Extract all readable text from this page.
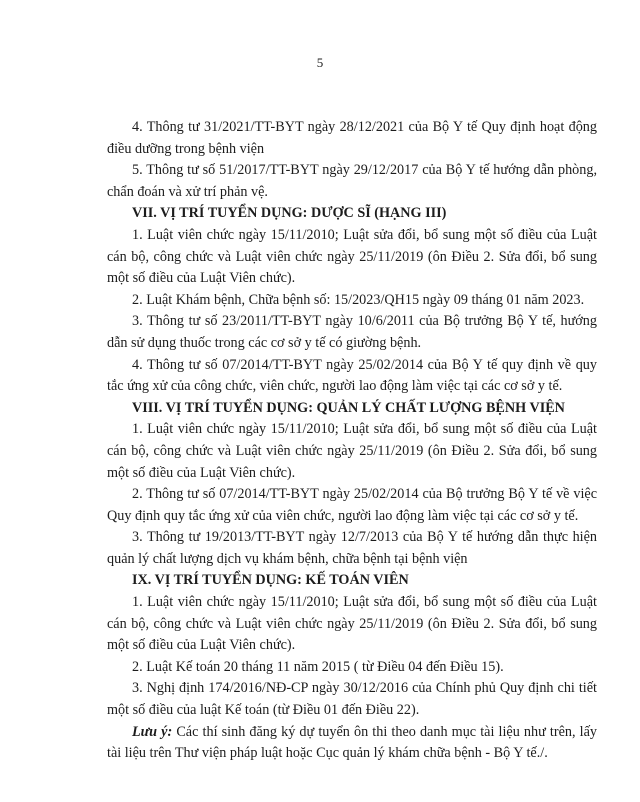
5

4. Thông tư 31/2021/TT-BYT ngày 28/12/2021 của Bộ Y tế Quy định hoạt động điều dưỡng trong bệnh viện

5. Thông tư số 51/2017/TT-BYT ngày 29/12/2017 của Bộ Y tế hướng dẫn phòng, chẩn đoán và xử trí phản vệ.

VII. VỊ TRÍ TUYỂN DỤNG: DƯỢC SĨ (HẠNG III)

1. Luật viên chức ngày 15/11/2010; Luật sửa đổi, bổ sung một số điều của Luật cán bộ, công chức và Luật viên chức ngày 25/11/2019 (ôn Điều 2. Sửa đổi, bổ sung một số điều của Luật Viên chức).

2. Luật Khám bệnh, Chữa bệnh số: 15/2023/QH15 ngày 09 tháng 01 năm 2023.

3. Thông tư số 23/2011/TT-BYT ngày 10/6/2011 của Bộ trưởng Bộ Y tế, hướng dẫn sử dụng thuốc trong các cơ sở y tế có giường bệnh.

4. Thông tư số 07/2014/TT-BYT ngày 25/02/2014 của Bộ Y tế quy định về quy tắc ứng xử của công chức, viên chức, người lao động làm việc tại các cơ sở y tế.

VIII. VỊ TRÍ TUYỂN DỤNG: QUẢN LÝ CHẤT LƯỢNG BỆNH VIỆN

1. Luật viên chức ngày 15/11/2010; Luật sửa đổi, bổ sung một số điều của Luật cán bộ, công chức và Luật viên chức ngày 25/11/2019 (ôn Điều 2. Sửa đổi, bổ sung một số điều của Luật Viên chức).

2. Thông tư số 07/2014/TT-BYT ngày 25/02/2014 của Bộ trưởng Bộ Y tế về việc Quy định quy tắc ứng xử của viên chức, người lao động làm việc tại các cơ sở y tế.

3. Thông tư 19/2013/TT-BYT ngày 12/7/2013 của Bộ Y tế hướng dẫn thực hiện quản lý chất lượng dịch vụ khám bệnh, chữa bệnh tại bệnh viện

IX. VỊ TRÍ TUYỂN DỤNG: KẾ TOÁN VIÊN

1. Luật viên chức ngày 15/11/2010; Luật sửa đổi, bổ sung một số điều của Luật cán bộ, công chức và Luật viên chức ngày 25/11/2019 (ôn Điều 2. Sửa đổi, bổ sung một số điều của Luật Viên chức).

2. Luật Kế toán 20 tháng 11 năm 2015 ( từ Điều 04 đến Điều 15).

3. Nghị định 174/2016/NĐ-CP ngày 30/12/2016 của Chính phủ Quy định chi tiết một số điều của luật Kế toán (từ Điều 01 đến Điều 22).

Lưu ý: Các thí sinh đăng ký dự tuyển ôn thi theo danh mục tài liệu như trên, lấy tài liệu trên Thư viện pháp luật hoặc Cục quản lý khám chữa bệnh - Bộ Y tế./.
